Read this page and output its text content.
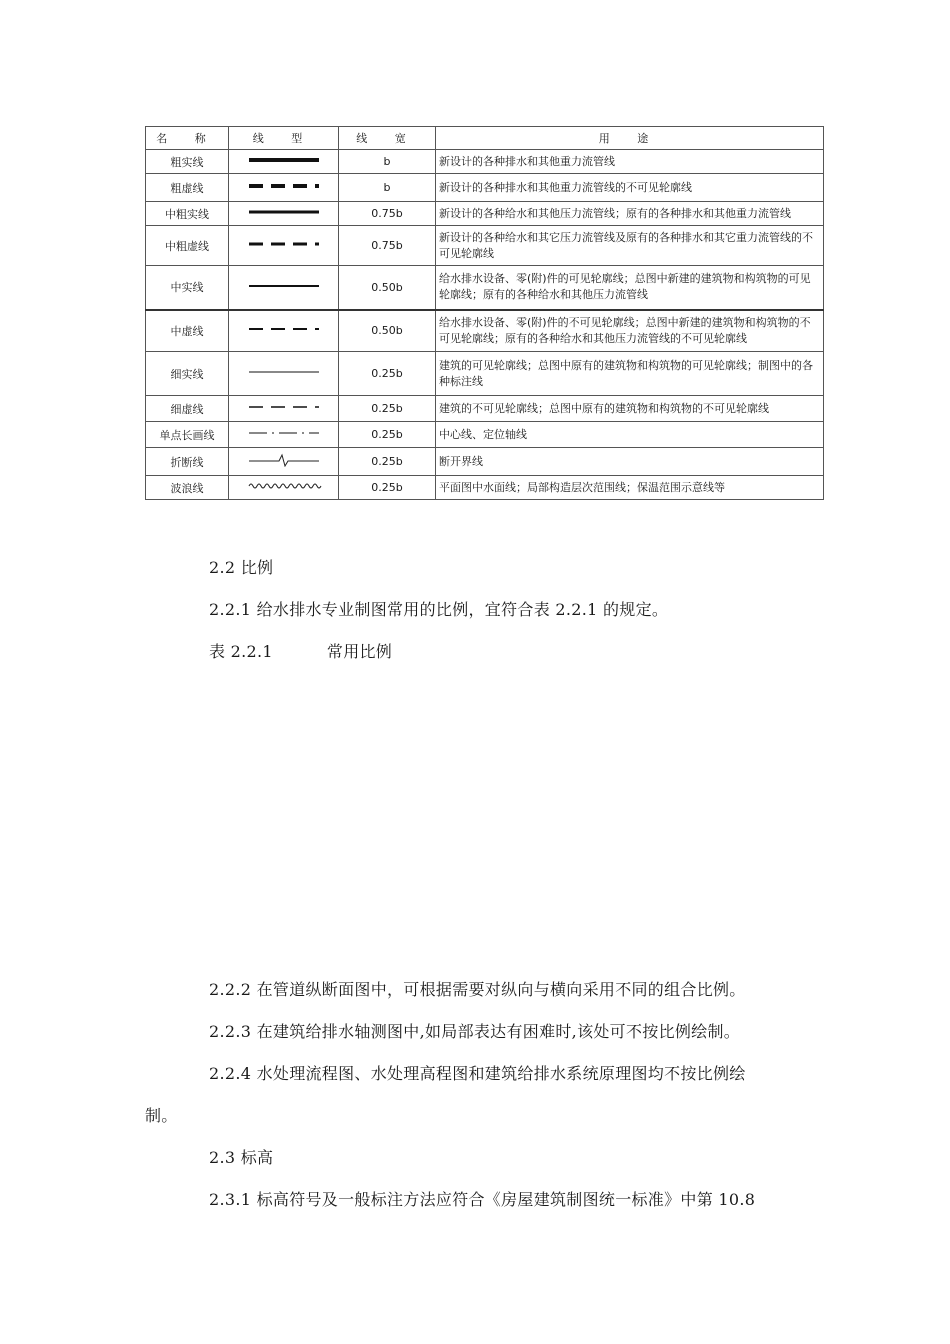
名 称	线 型	线 宽	用 途
粗实线		b	新设计的各种排水和其他重力流管线
粗虚线		b	新设计的各种排水和其他重力流管线的不可见轮廓线
中粗实线		0.75b	新设计的各种给水和其他压力流管线；原有的各种排水和其他重力流管线
中粗虚线		0.75b	新设计的各种给水和其它压力流管线及原有的各种排水和其它重力流管线的不可见轮廓线
中实线		0.50b	给水排水设备、零(附)件的可见轮廓线；总图中新建的建筑物和构筑物的可见轮廓线；原有的各种给水和其他压力流管线
中虚线		0.50b	给水排水设备、零(附)件的不可见轮廓线；总图中新建的建筑物和构筑物的不可见轮廓线；原有的各种给水和其他压力流管线的不可见轮廓线
细实线		0.25b	建筑的可见轮廓线；总图中原有的建筑物和构筑物的可见轮廓线；制图中的各种标注线
细虚线		0.25b	建筑的不可见轮廓线；总图中原有的建筑物和构筑物的不可见轮廓线
单点长画线		0.25b	中心线、定位轴线
折断线		0.25b	断开界线
波浪线		0.25b	平面图中水面线；局部构造层次范围线；保温范围示意线等
2.2 比例
2.2.1 给水排水专业制图常用的比例，宜符合表 2.2.1 的规定。
表 2.2.1	常用比例
2.2.2 在管道纵断面图中，可根据需要对纵向与横向采用不同的组合比例。
2.2.3 在建筑给排水轴测图中,如局部表达有困难时,该处可不按比例绘制。
2.2.4 水处理流程图、水处理高程图和建筑给排水系统原理图均不按比例绘
制。
2.3 标高
2.3.1 标高符号及一般标注方法应符合《房屋建筑制图统一标准》中第 10.8
